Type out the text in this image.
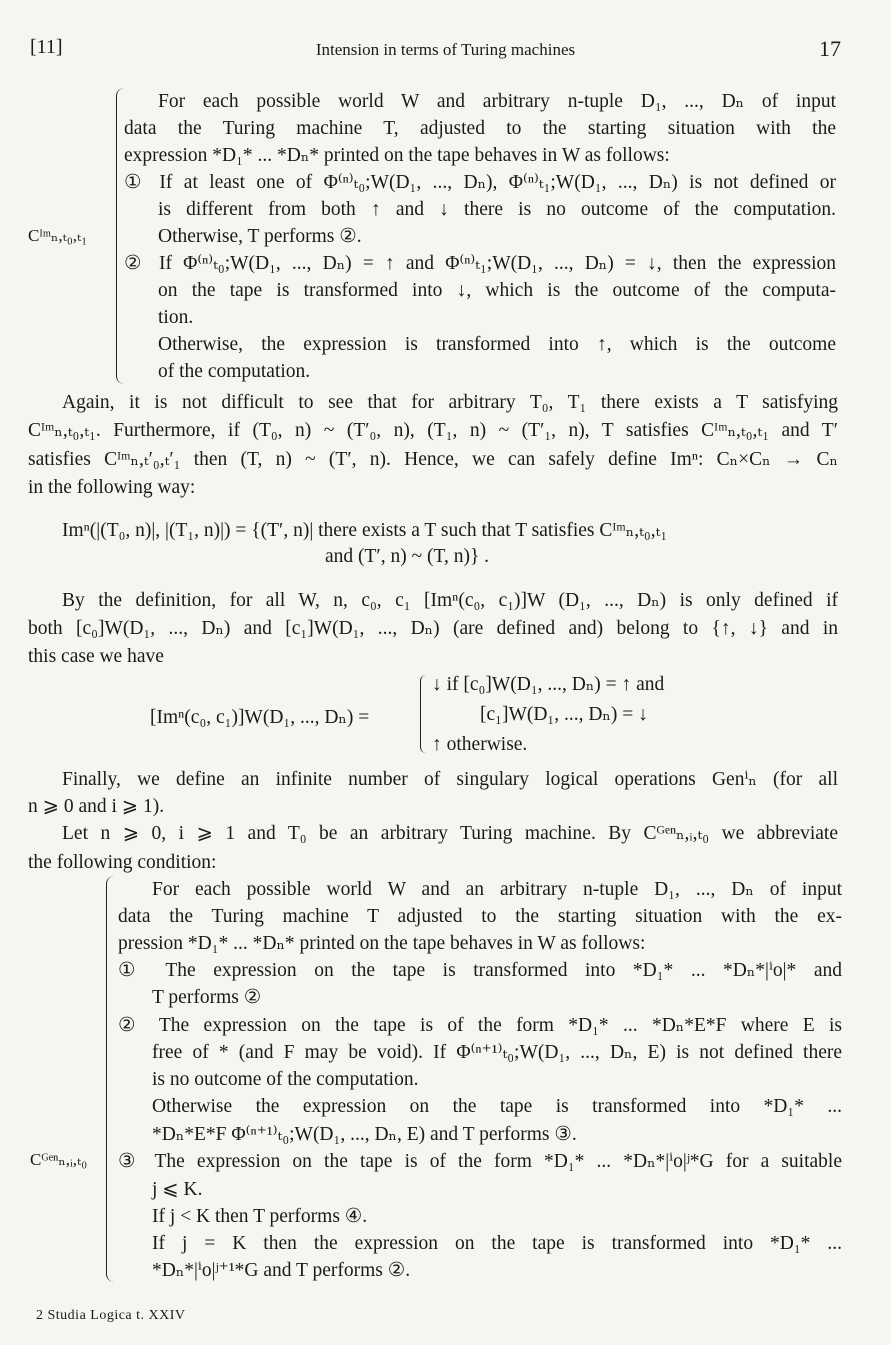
[11]	Intension in terms of Turing machines	17
Cᴵᵐₙ,ₜ₀,ₜ₁
For each possible world W and arbitrary n-tuple D₁, ..., Dₙ of input
data the Turing machine T, adjusted to the starting situation with the
expression *D₁* ... *Dₙ* printed on the tape behaves in W as follows:
① If at least one of Φ⁽ⁿ⁾ₜ₀;W(D₁, ..., Dₙ), Φ⁽ⁿ⁾ₜ₁;W(D₁, ..., Dₙ) is not defined or
is different from both ↑ and ↓ there is no outcome of the computation.
Otherwise, T performs ②.
② If Φ⁽ⁿ⁾ₜ₀;W(D₁, ..., Dₙ) = ↑ and Φ⁽ⁿ⁾ₜ₁;W(D₁, ..., Dₙ) = ↓, then the expression
on the tape is transformed into ↓, which is the outcome of the computa-
tion.
Otherwise, the expression is transformed into ↑, which is the outcome
of the computation.
Again, it is not difficult to see that for arbitrary T₀, T₁ there exists a T satisfying
Cᴵᵐₙ,ₜ₀,ₜ₁. Furthermore, if (T₀, n) ~ (T′₀, n), (T₁, n) ~ (T′₁, n), T satisfies Cᴵᵐₙ,ₜ₀,ₜ₁ and T′
satisfies Cᴵᵐₙ,ₜ′₀,ₜ′₁ then (T, n) ~ (T′, n). Hence, we can safely define Imⁿ: Cₙ×Cₙ → Cₙ
in the following way:
Imⁿ(|(T₀, n)|, |(T₁, n)|) = {(T′, n)| there exists a T such that T satisfies Cᴵᵐₙ,ₜ₀,ₜ₁
and (T′, n) ~ (T, n)} .
By the definition, for all W, n, c₀, c₁ [Imⁿ(c₀, c₁)]W (D₁, ..., Dₙ) is only defined if
both [c₀]W(D₁, ..., Dₙ) and [c₁]W(D₁, ..., Dₙ) (are defined and) belong to {↑, ↓} and in
this case we have
[Imⁿ(c₀, c₁)]W(D₁, ..., Dₙ) =
↓ if [c₀]W(D₁, ..., Dₙ) = ↑ and
[c₁]W(D₁, ..., Dₙ) = ↓
↑ otherwise.
Finally, we define an infinite number of singulary logical operations Genⁱₙ (for all
n ⩾ 0 and i ⩾ 1).
Let n ⩾ 0, i ⩾ 1 and T₀ be an arbitrary Turing machine. By Cᴳᵉⁿₙ,ᵢ,ₜ₀ we abbreviate
the following condition:
Cᴳᵉⁿₙ,ᵢ,ₜ₀
For each possible world W and an arbitrary n-tuple D₁, ..., Dₙ of input
data the Turing machine T adjusted to the starting situation with the ex-
pression *D₁* ... *Dₙ* printed on the tape behaves in W as follows:
① The expression on the tape is transformed into *D₁* ... *Dₙ*|ⁱo|* and
T performs ②
② The expression on the tape is of the form *D₁* ... *Dₙ*E*F where E is
free of * (and F may be void). If Φ⁽ⁿ⁺¹⁾ₜ₀;W(D₁, ..., Dₙ, E) is not defined there
is no outcome of the computation.
Otherwise the expression on the tape is transformed into *D₁* ...
*Dₙ*E*F Φ⁽ⁿ⁺¹⁾ₜ₀;W(D₁, ..., Dₙ, E) and T performs ③.
③ The expression on the tape is of the form *D₁* ... *Dₙ*|ⁱo|ʲ*G for a suitable
j ⩽ K.
If j < K then T performs ④.
If j = K then the expression on the tape is transformed into *D₁* ...
*Dₙ*|ⁱo|ʲ⁺¹*G and T performs ②.
2 Studia Logica t. XXIV
